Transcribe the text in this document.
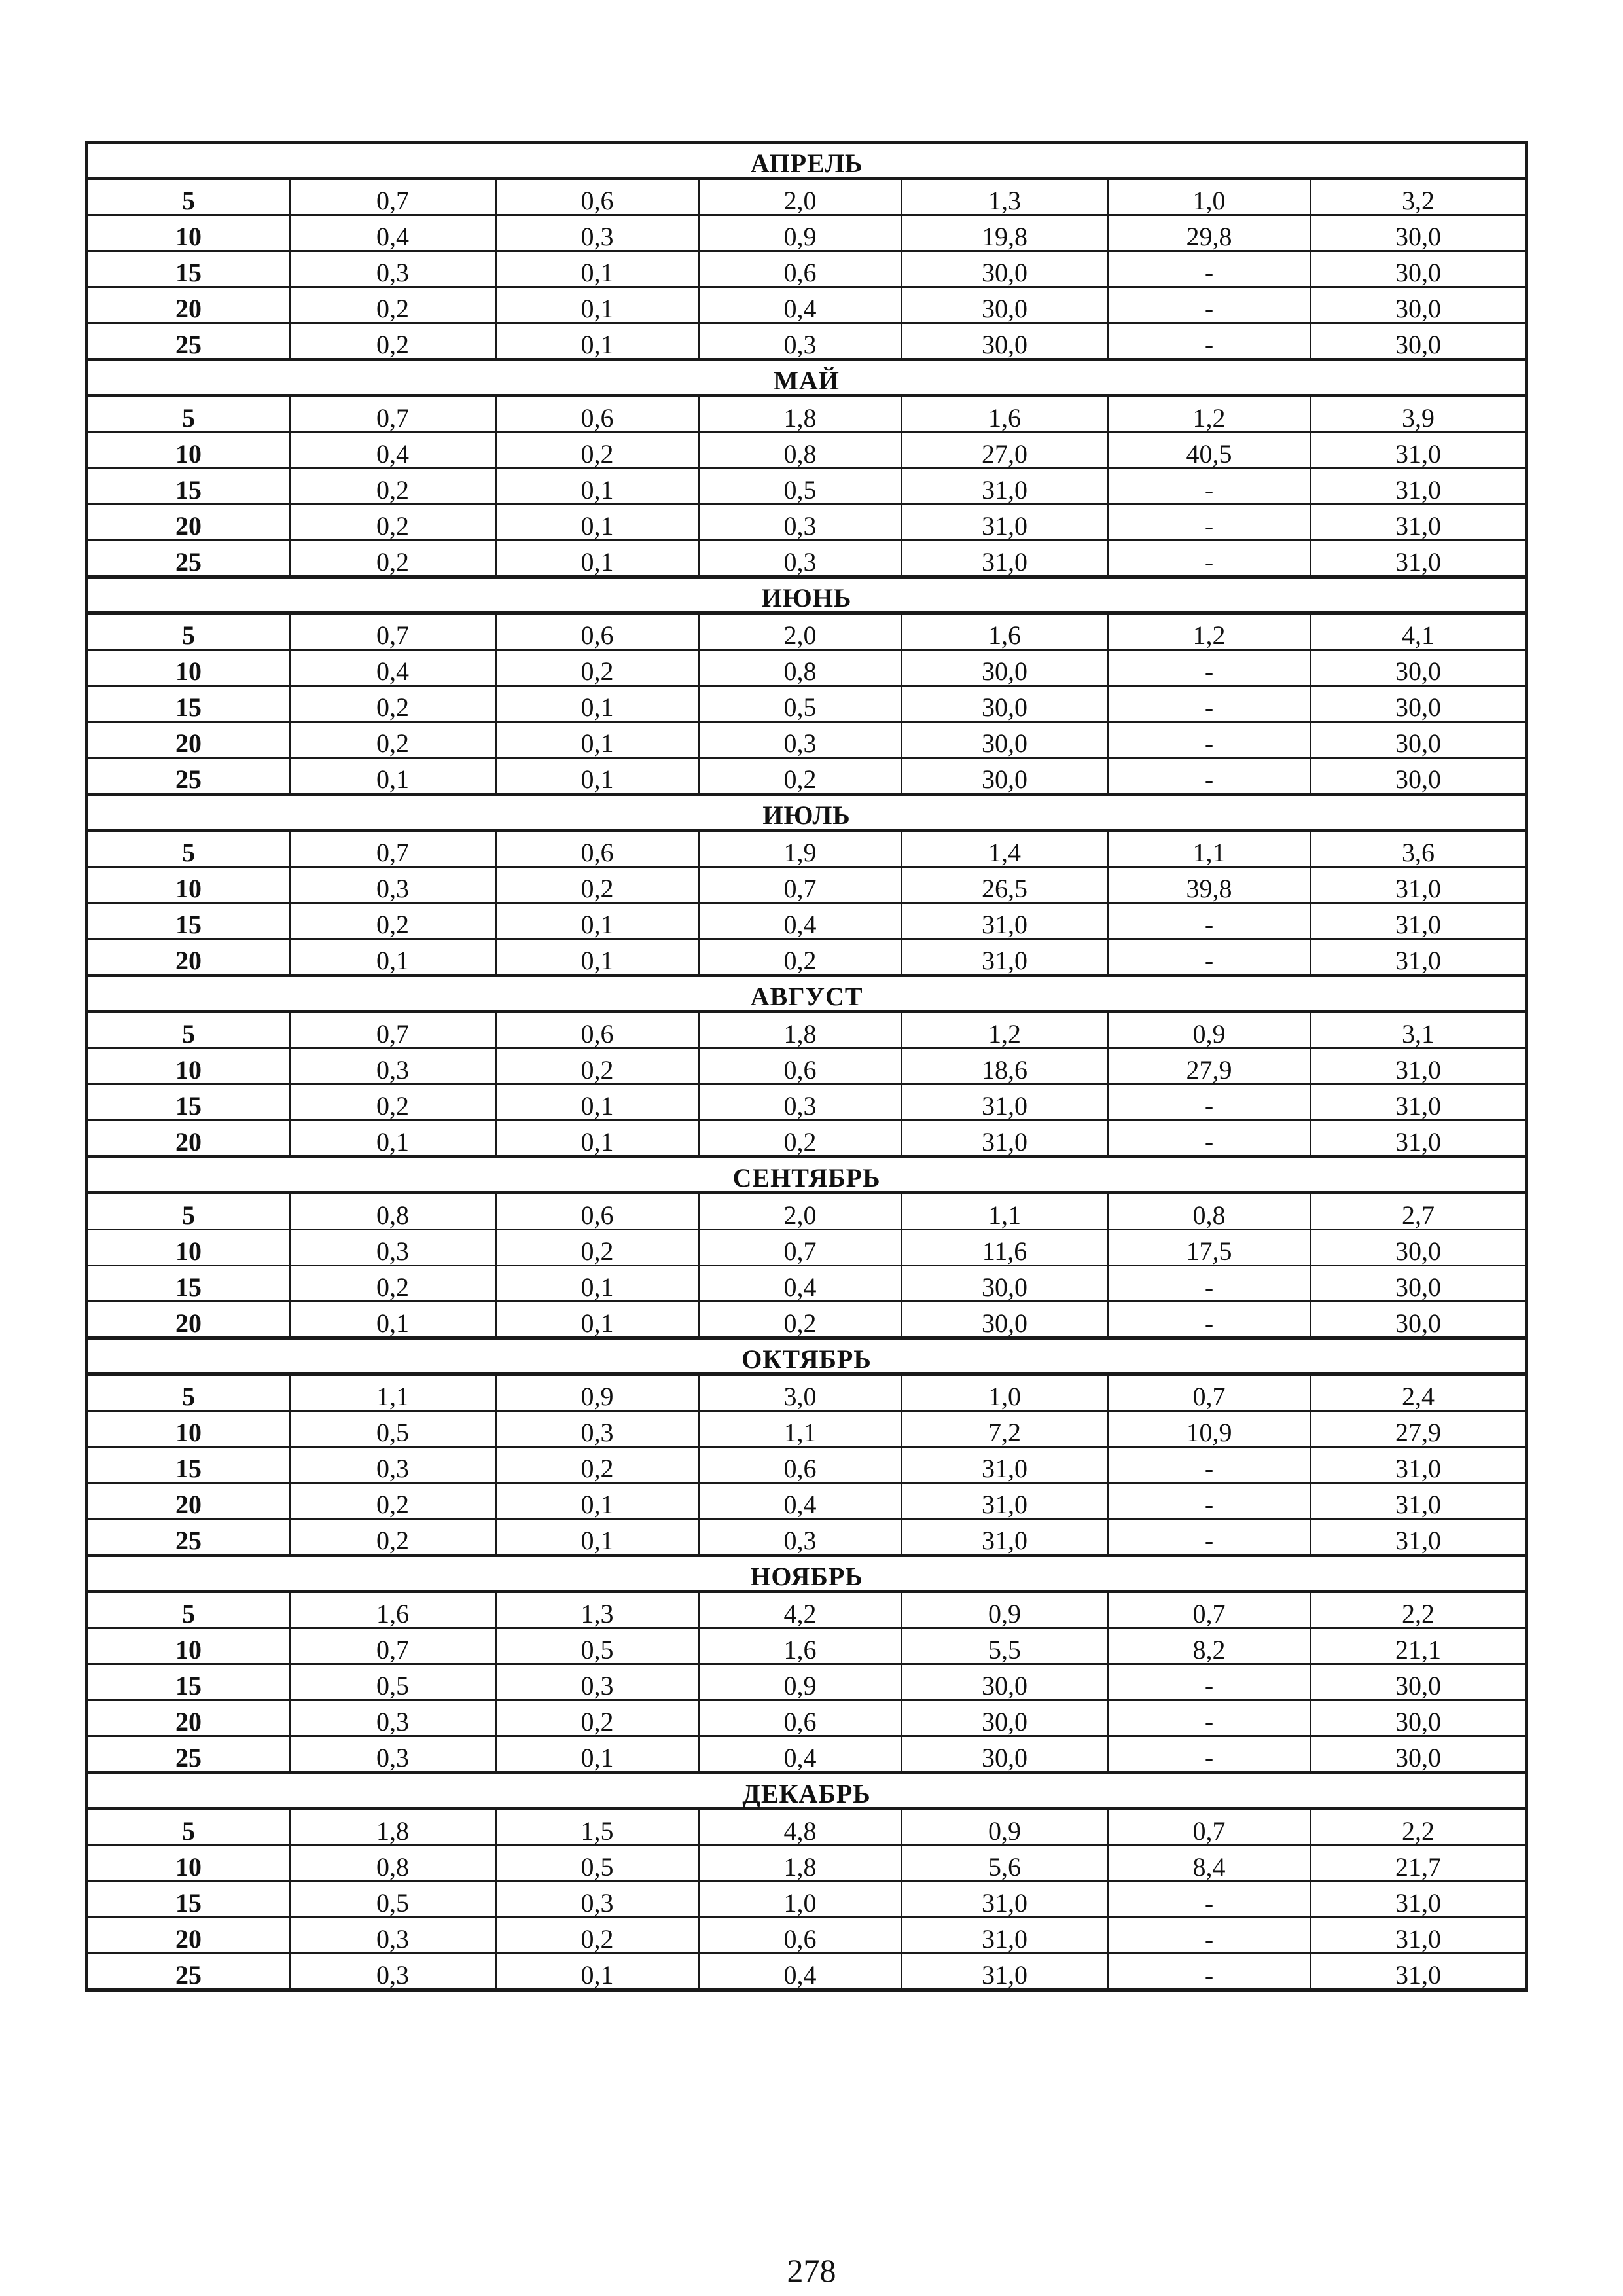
АПРЕЛЬ						
5	0,7	0,6	2,0	1,3	1,0	3,2
10	0,4	0,3	0,9	19,8	29,8	30,0
15	0,3	0,1	0,6	30,0	-	30,0
20	0,2	0,1	0,4	30,0	-	30,0
25	0,2	0,1	0,3	30,0	-	30,0
МАЙ						
5	0,7	0,6	1,8	1,6	1,2	3,9
10	0,4	0,2	0,8	27,0	40,5	31,0
15	0,2	0,1	0,5	31,0	-	31,0
20	0,2	0,1	0,3	31,0	-	31,0
25	0,2	0,1	0,3	31,0	-	31,0
ИЮНЬ						
5	0,7	0,6	2,0	1,6	1,2	4,1
10	0,4	0,2	0,8	30,0	-	30,0
15	0,2	0,1	0,5	30,0	-	30,0
20	0,2	0,1	0,3	30,0	-	30,0
25	0,1	0,1	0,2	30,0	-	30,0
ИЮЛЬ						
5	0,7	0,6	1,9	1,4	1,1	3,6
10	0,3	0,2	0,7	26,5	39,8	31,0
15	0,2	0,1	0,4	31,0	-	31,0
20	0,1	0,1	0,2	31,0	-	31,0
АВГУСТ						
5	0,7	0,6	1,8	1,2	0,9	3,1
10	0,3	0,2	0,6	18,6	27,9	31,0
15	0,2	0,1	0,3	31,0	-	31,0
20	0,1	0,1	0,2	31,0	-	31,0
СЕНТЯБРЬ						
5	0,8	0,6	2,0	1,1	0,8	2,7
10	0,3	0,2	0,7	11,6	17,5	30,0
15	0,2	0,1	0,4	30,0	-	30,0
20	0,1	0,1	0,2	30,0	-	30,0
ОКТЯБРЬ						
5	1,1	0,9	3,0	1,0	0,7	2,4
10	0,5	0,3	1,1	7,2	10,9	27,9
15	0,3	0,2	0,6	31,0	-	31,0
20	0,2	0,1	0,4	31,0	-	31,0
25	0,2	0,1	0,3	31,0	-	31,0
НОЯБРЬ						
5	1,6	1,3	4,2	0,9	0,7	2,2
10	0,7	0,5	1,6	5,5	8,2	21,1
15	0,5	0,3	0,9	30,0	-	30,0
20	0,3	0,2	0,6	30,0	-	30,0
25	0,3	0,1	0,4	30,0	-	30,0
ДЕКАБРЬ						
5	1,8	1,5	4,8	0,9	0,7	2,2
10	0,8	0,5	1,8	5,6	8,4	21,7
15	0,5	0,3	1,0	31,0	-	31,0
20	0,3	0,2	0,6	31,0	-	31,0
25	0,3	0,1	0,4	31,0	-	31,0
278
